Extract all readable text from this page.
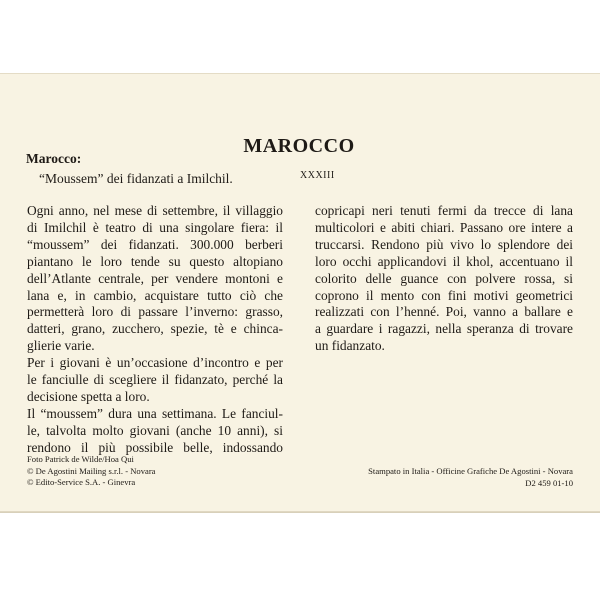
MAROCCO
Marocco:
“Moussem” dei fidanzati a Imilchil.	XXXIII
Ogni anno, nel mese di settembre, il villaggio
di Imilchil è teatro di una singolare fiera: il
“moussem” dei fidanzati. 300.000 berberi
piantano le loro tende su questo altopiano
dell’Atlante centrale, per vendere montoni e
lana e, in cambio, acquistare tutto ciò che
permetterà loro di passare l’inverno: grasso,
datteri, grano, zucchero, spezie, tè e chinca-
glierie varie.
Per i giovani è un’occasione d’incontro e per
le fanciulle di scegliere il fidanzato, perché la
decisione spetta a loro.
Il “moussem” dura una settimana. Le fanciul-
le, talvolta molto giovani (anche 10 anni), si
rendono il più possibile belle, indossando
copricapi neri tenuti fermi da trecce di lana
multicolori e abiti chiari. Passano ore intere a
truccarsi. Rendono più vivo lo splendore dei
loro occhi applicandovi il khol, accentuano il
colorito delle guance con polvere rossa, si
coprono il mento con fini motivi geometrici
realizzati con l’henné. Poi, vanno a ballare e
a guardare i ragazzi, nella speranza di trovare
un fidanzato.
Foto Patrick de Wilde/Hoa Qui
© De Agostini Mailing s.r.l. - Novara
© Edito-Service S.A. - Ginevra
Stampato in Italia - Officine Grafiche De Agostini - Novara
D2 459 01-10
